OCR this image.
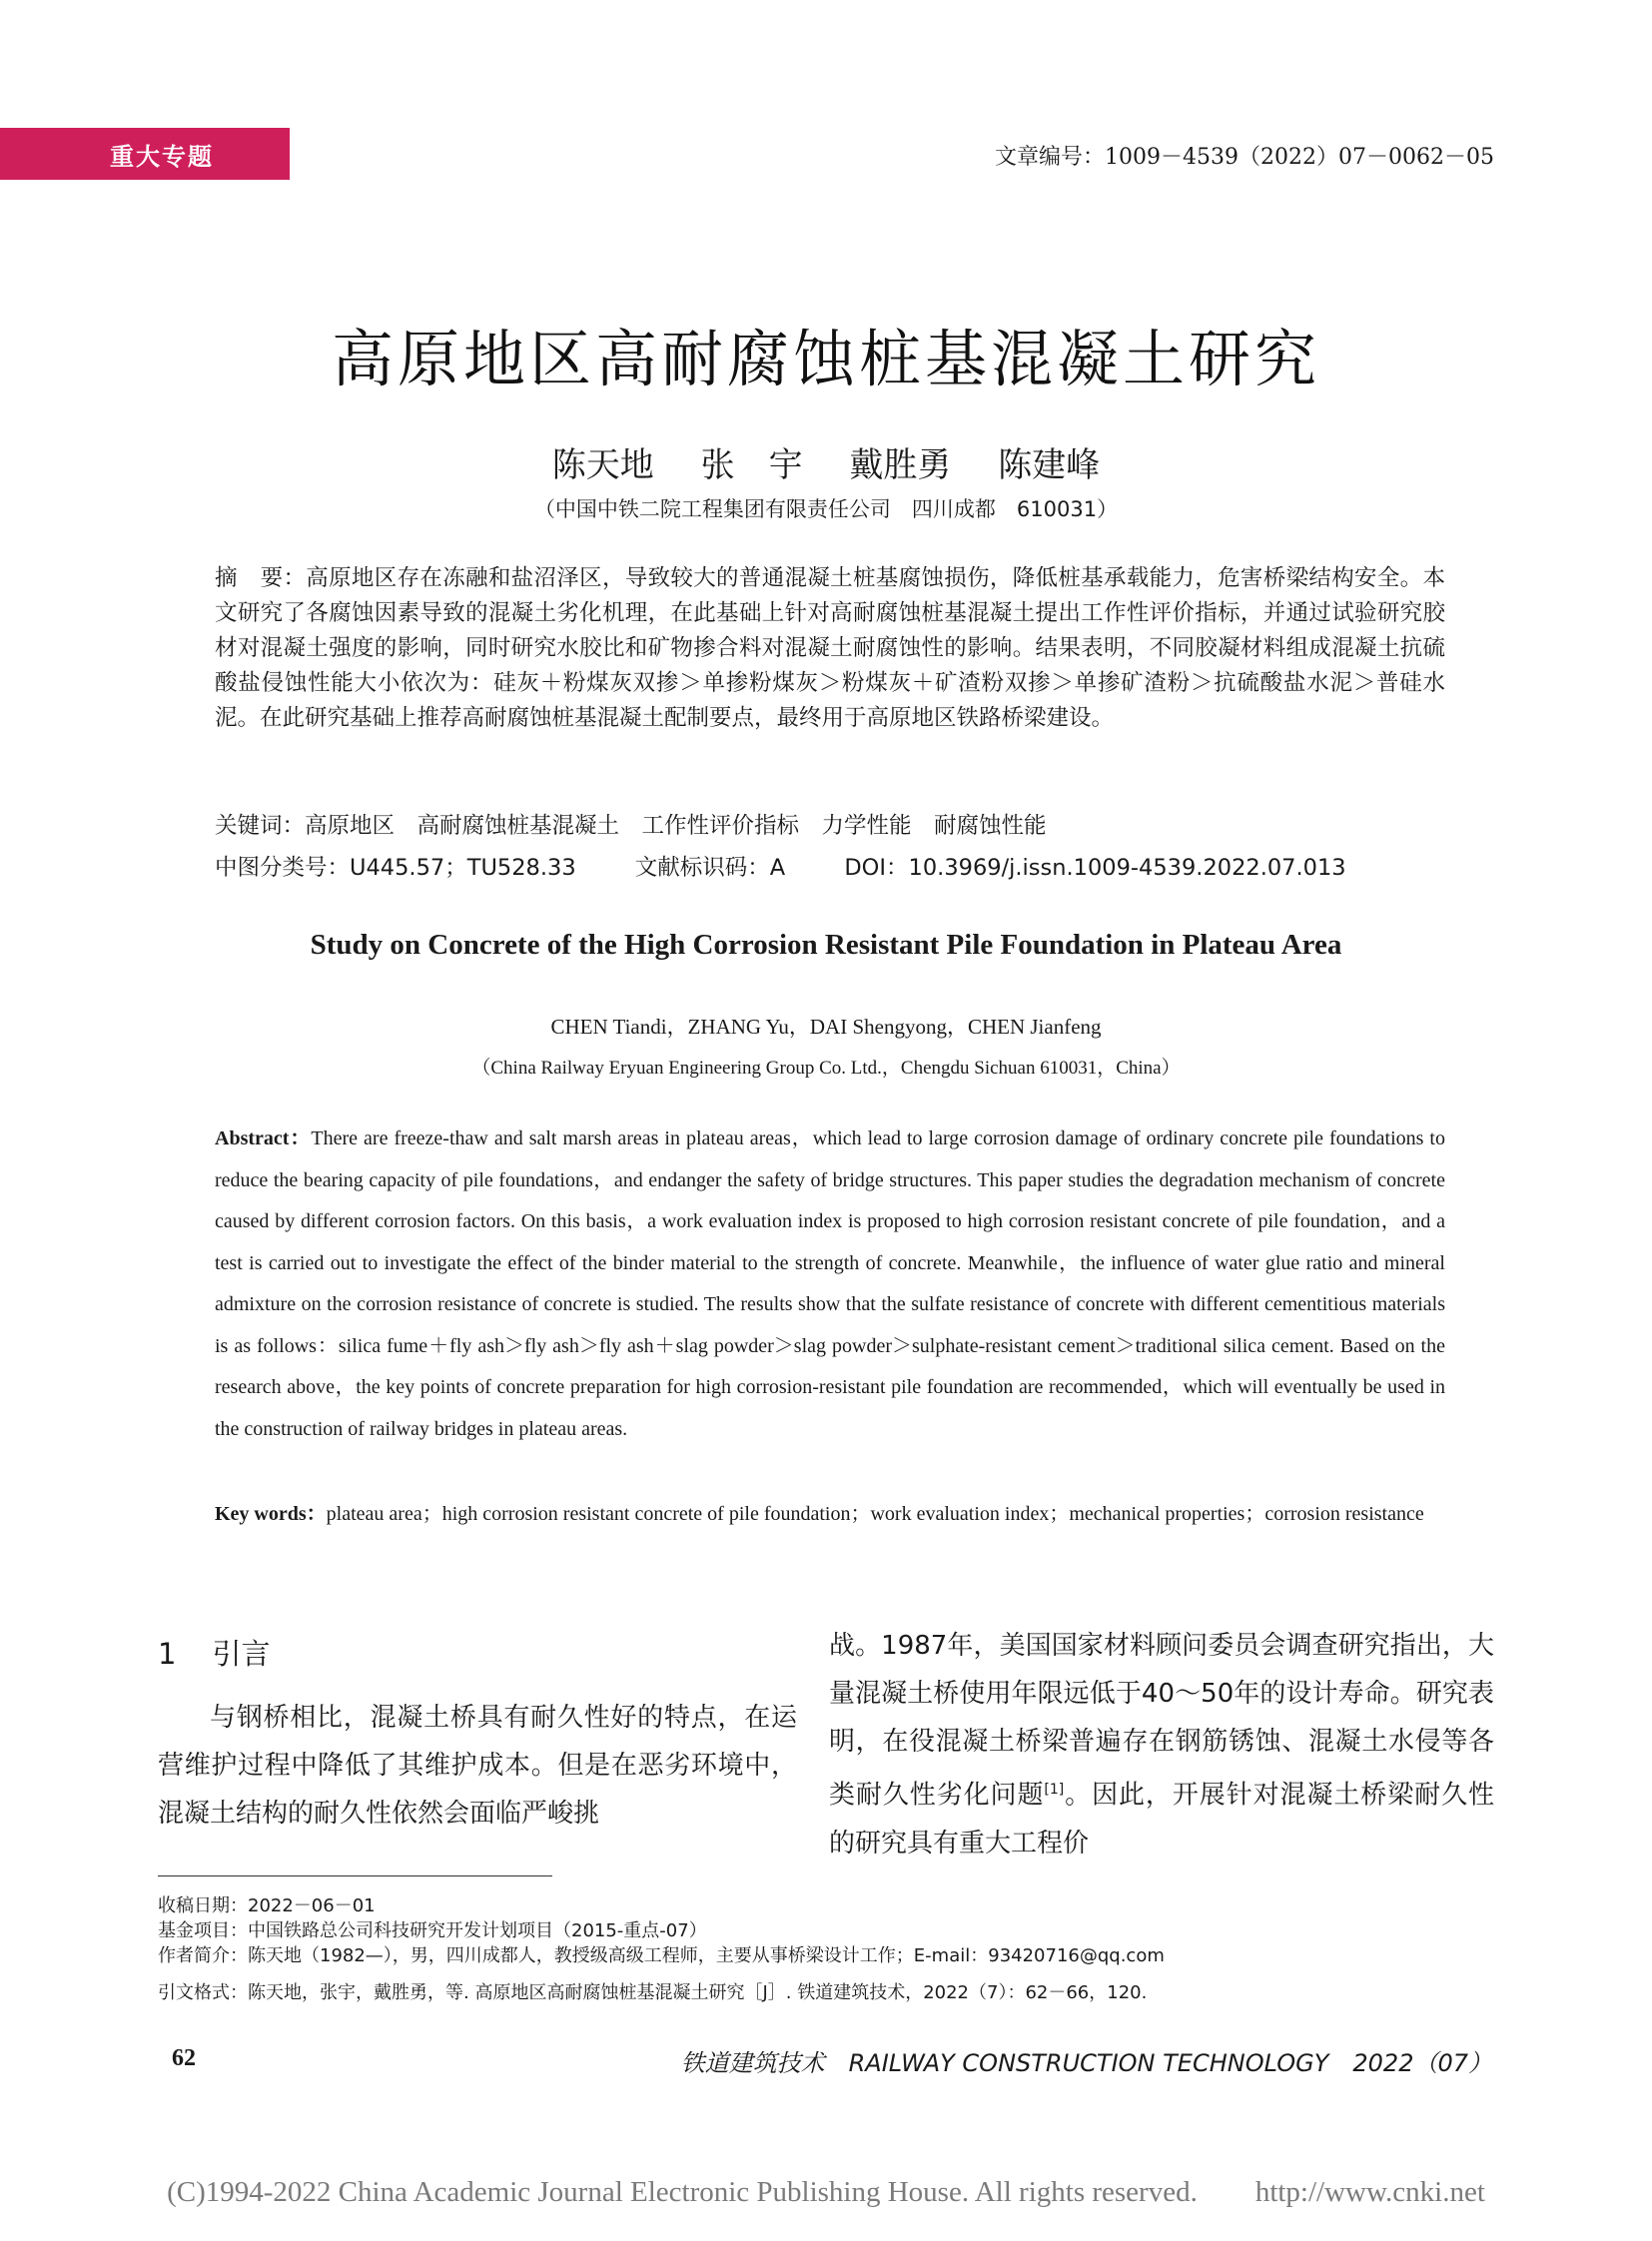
重大专题	文章编号：1009－4539（2022）07－0062－05
高原地区高耐腐蚀桩基混凝土研究
陈天地 张　宇 戴胜勇 陈建峰
（中国中铁二院工程集团有限责任公司　四川成都　610031）
摘　要：高原地区存在冻融和盐沼泽区，导致较大的普通混凝土桩基腐蚀损伤，降低桩基承载能力，危害桥梁结构安全。本文研究了各腐蚀因素导致的混凝土劣化机理，在此基础上针对高耐腐蚀桩基混凝土提出工作性评价指标，并通过试验研究胶材对混凝土强度的影响，同时研究水胶比和矿物掺合料对混凝土耐腐蚀性的影响。结果表明，不同胶凝材料组成混凝土抗硫酸盐侵蚀性能大小依次为：硅灰＋粉煤灰双掺＞单掺粉煤灰＞粉煤灰＋矿渣粉双掺＞单掺矿渣粉＞抗硫酸盐水泥＞普硅水泥。在此研究基础上推荐高耐腐蚀桩基混凝土配制要点，最终用于高原地区铁路桥梁建设。
关键词：高原地区　高耐腐蚀桩基混凝土　工作性评价指标　力学性能　耐腐蚀性能
中图分类号：U445.57；TU528.33	文献标识码：A	DOI：10.3969/j.issn.1009-4539.2022.07.013
Study on Concrete of the High Corrosion Resistant Pile Foundation in Plateau Area
CHEN Tiandi，ZHANG Yu，DAI Shengyong，CHEN Jianfeng
（China Railway Eryuan Engineering Group Co. Ltd.，Chengdu Sichuan 610031，China）
Abstract：There are freeze-thaw and salt marsh areas in plateau areas，which lead to large corrosion damage of ordinary concrete pile foundations to reduce the bearing capacity of pile foundations，and endanger the safety of bridge structures. This paper studies the degradation mechanism of concrete caused by different corrosion factors. On this basis，a work evaluation index is proposed to high corrosion resistant concrete of pile foundation，and a test is carried out to investigate the effect of the binder material to the strength of concrete. Meanwhile，the influence of water glue ratio and mineral admixture on the corrosion resistance of concrete is studied. The results show that the sulfate resistance of concrete with different cementitious materials is as follows：silica fume＋fly ash＞fly ash＞fly ash＋slag powder＞slag powder＞sulphate-resistant cement＞traditional silica cement. Based on the research above，the key points of concrete preparation for high corrosion-resistant pile foundation are recommended，which will eventually be used in the construction of railway bridges in plateau areas.
Key words：plateau area；high corrosion resistant concrete of pile foundation；work evaluation index；mechanical properties；corrosion resistance
1 引言
与钢桥相比，混凝土桥具有耐久性好的特点，在运营维护过程中降低了其维护成本。但是在恶劣环境中，混凝土结构的耐久性依然会面临严峻挑
战。1987年，美国国家材料顾问委员会调查研究指出，大量混凝土桥使用年限远低于40～50年的设计寿命。研究表明，在役混凝土桥梁普遍存在钢筋锈蚀、混凝土水侵等各类耐久性劣化问题[1]。因此，开展针对混凝土桥梁耐久性的研究具有重大工程价
收稿日期：2022－06－01
基金项目：中国铁路总公司科技研究开发计划项目（2015-重点-07）
作者简介：陈天地（1982—），男，四川成都人，教授级高级工程师，主要从事桥梁设计工作；E-mail：93420716@qq.com
引文格式：陈天地，张宇，戴胜勇，等. 高原地区高耐腐蚀桩基混凝土研究［J］. 铁道建筑技术，2022（7）：62－66，120.
62	铁道建筑技术　RAILWAY CONSTRUCTION TECHNOLOGY　2022（07）
(C)1994-2022 China Academic Journal Electronic Publishing House. All rights reserved.　　http://www.cnki.net
